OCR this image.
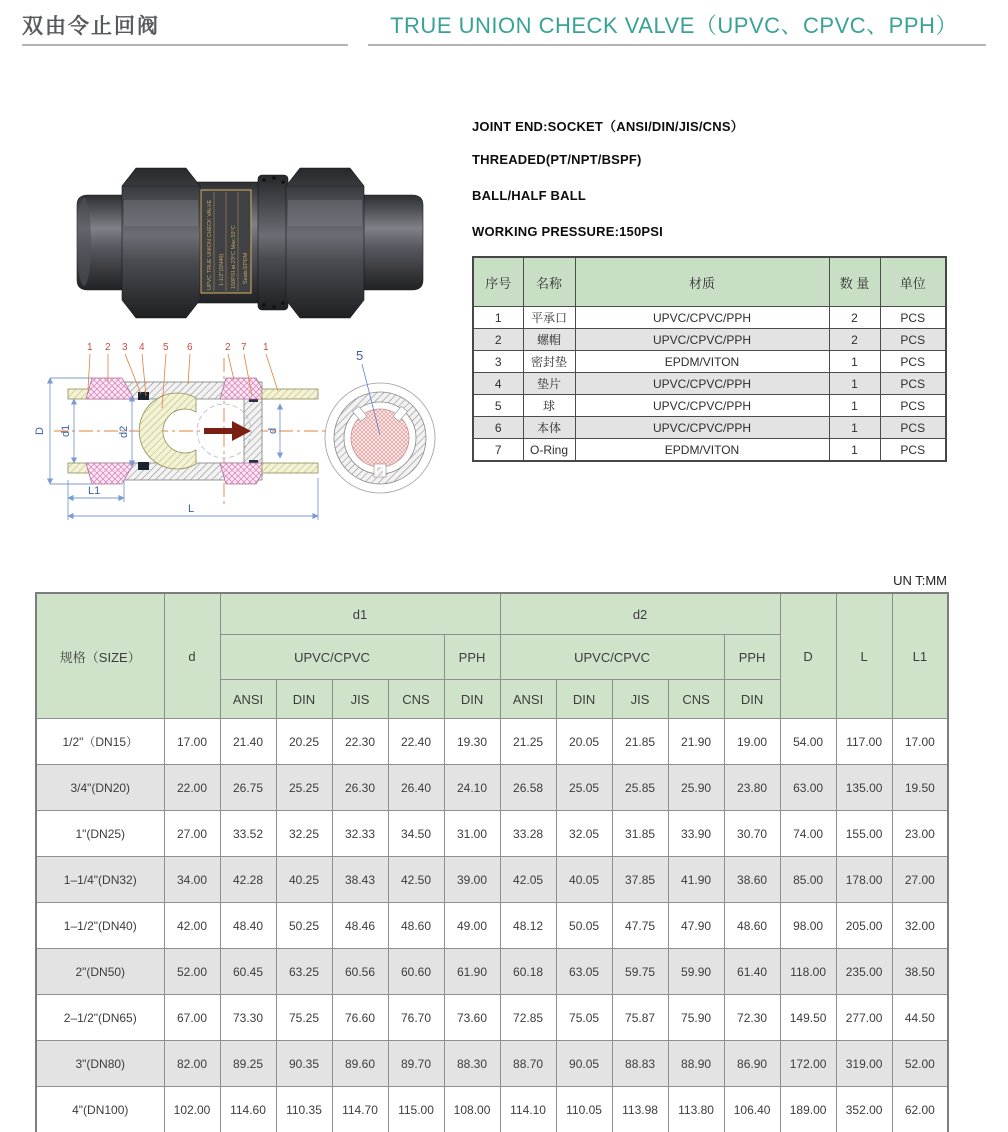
双由令止回阀	TRUE UNION CHECK VALVE（UPVC、CPVC、PPH）
UPVC TRUE UNION CHECK VALVE 1-1/2"(DN40) 150PSI at 23°C Max.55°C Seals:EPDM
JOINT END:SOCKET（ANSI/DIN/JIS/CNS）
THREADED(PT/NPT/BSPF)
BALL/HALF BALL
WORKING PRESSURE:150PSI
序号	名称	材质	数 量	单位
1	平承口	UPVC/CPVC/PPH	2	PCS
2	螺帽	UPVC/CPVC/PPH	2	PCS
3	密封垫	EPDM/VITON	1	PCS
4	垫片	UPVC/CPVC/PPH	1	PCS
5	球	UPVC/CPVC/PPH	1	PCS
6	本体	UPVC/CPVC/PPH	1	PCS
7	O-Ring	EPDM/VITON	1	PCS
D d1	d2	d
L1
L
1 2 3 4 5 6	2 7 1
5
UN T:MM
规格（SIZE）	d	d1					d2					D	L	L1
		UPVC/CPVC				PPH	UPVC/CPVC				PPH			
		ANSI	DIN	JIS	CNS	DIN	ANSI	DIN	JIS	CNS	DIN			
1/2"（DN15）	17.00	21.40	20.25	22.30	22.40	19.30	21.25	20.05	21.85	21.90	19.00	54.00	117.00	17.00
3/4"(DN20)	22.00	26.75	25.25	26.30	26.40	24.10	26.58	25.05	25.85	25.90	23.80	63.00	135.00	19.50
1"(DN25)	27.00	33.52	32.25	32.33	34.50	31.00	33.28	32.05	31.85	33.90	30.70	74.00	155.00	23.00
1–1/4"(DN32)	34.00	42.28	40.25	38.43	42.50	39.00	42.05	40.05	37.85	41.90	38.60	85.00	178.00	27.00
1–1/2"(DN40)	42.00	48.40	50.25	48.46	48.60	49.00	48.12	50.05	47.75	47.90	48.60	98.00	205.00	32.00
2"(DN50)	52.00	60.45	63.25	60.56	60.60	61.90	60.18	63.05	59.75	59.90	61.40	118.00	235.00	38.50
2–1/2"(DN65)	67.00	73.30	75.25	76.60	76.70	73.60	72.85	75.05	75.87	75.90	72.30	149.50	277.00	44.50
3"(DN80)	82.00	89.25	90.35	89.60	89.70	88.30	88.70	90.05	88.83	88.90	86.90	172.00	319.00	52.00
4"(DN100)	102.00	114.60	110.35	114.70	115.00	108.00	114.10	110.05	113.98	113.80	106.40	189.00	352.00	62.00
